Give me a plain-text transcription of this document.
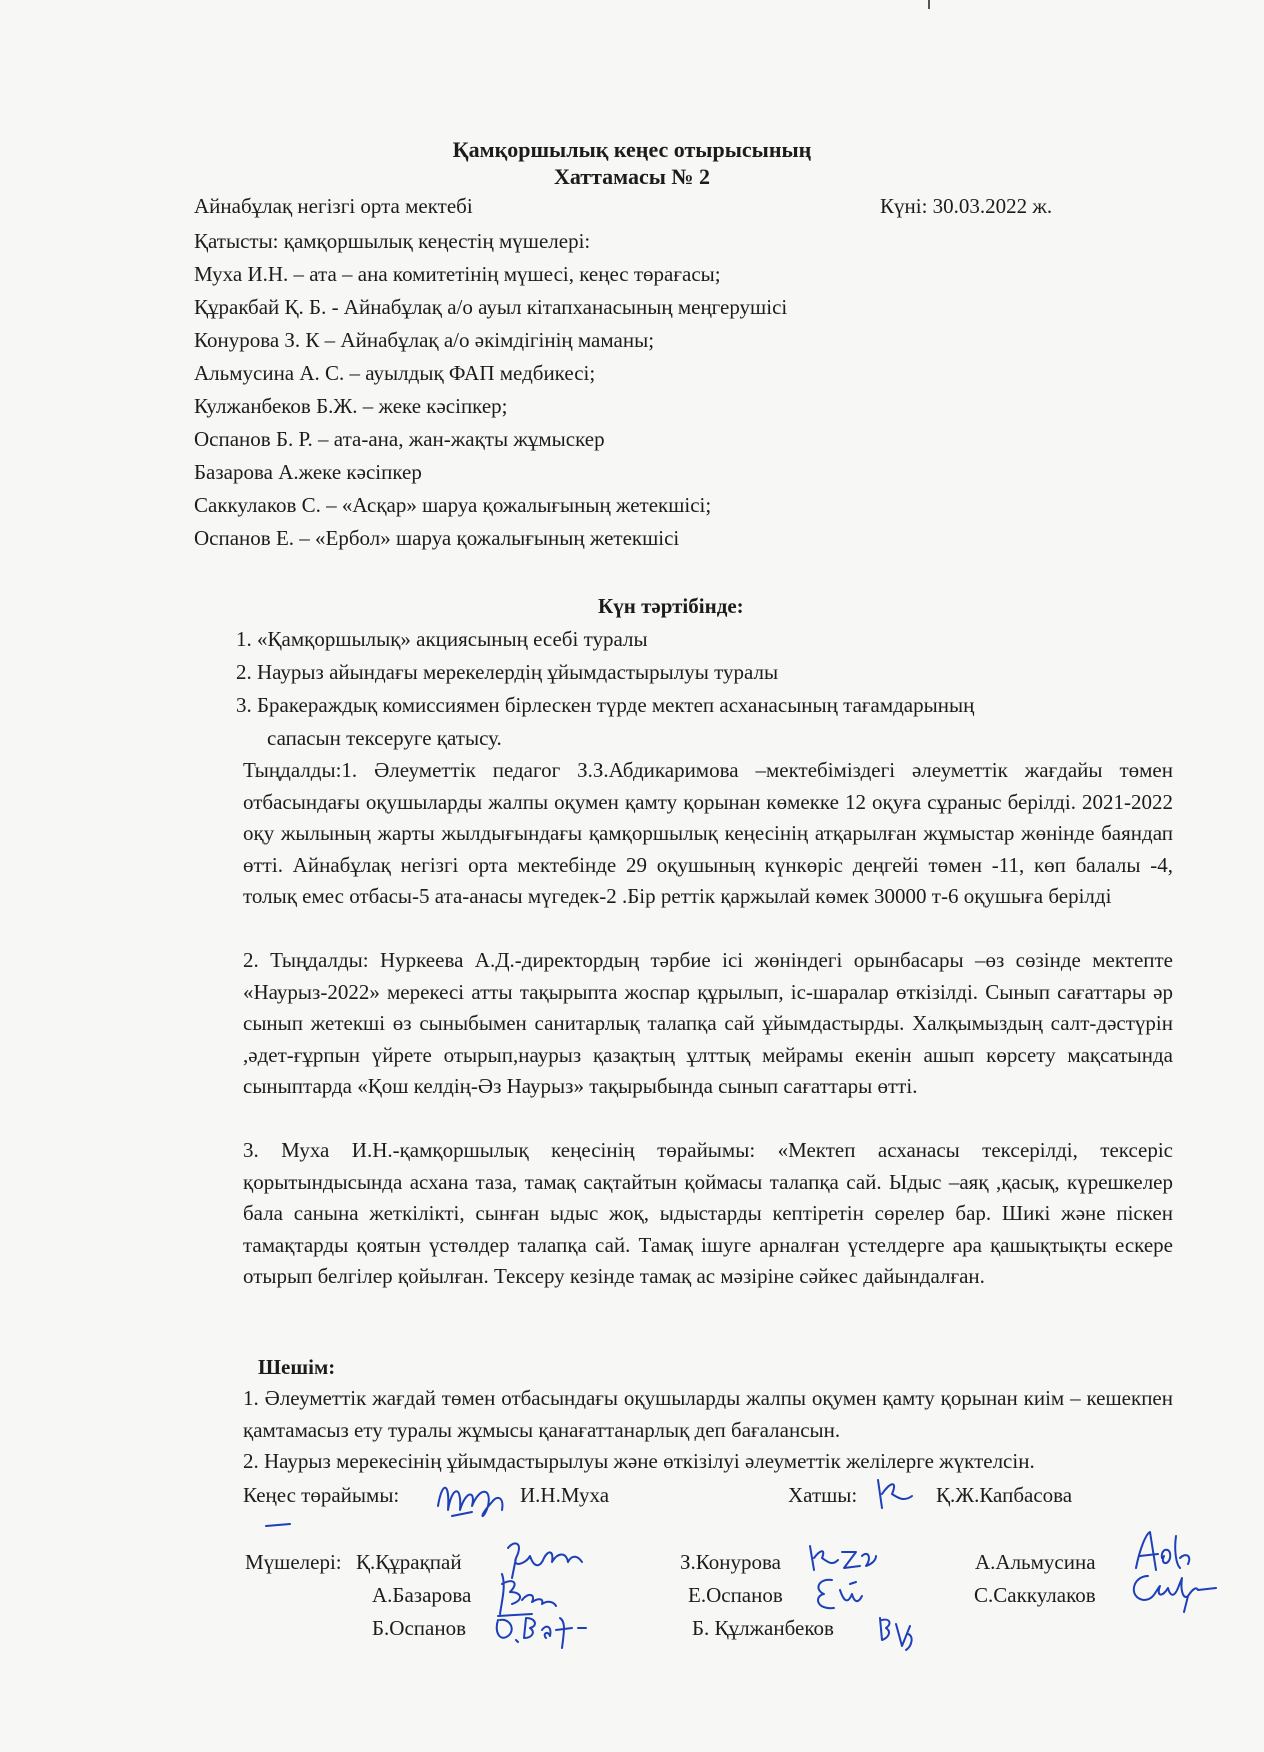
Қамқоршылық кеңес отырысының
Хаттамасы № 2
Айнабұлақ негізгі орта мектебі	Күні: 30.03.2022 ж.
Қатысты: қамқоршылық кеңестің мүшелері:
Муха И.Н. – ата – ана комитетінің мүшесі, кеңес төрағасы;
Құракбай Қ. Б. - Айнабұлақ а/о ауыл кітапханасының меңгерушісі
Конурова З. К – Айнабұлақ а/о әкімдігінің маманы;
Альмусина А. С. – ауылдық ФАП медбикесі;
Кулжанбеков Б.Ж. – жеке кәсіпкер;
Оспанов Б. Р. – ата-ана, жан-жақты жұмыскер
Базарова А.жеке кәсіпкер
Саккулаков С. – «Асқар» шаруа қожалығының жетекшісі;
Оспанов Е. – «Ербол» шаруа қожалығының жетекшісі
Күн тәртібінде:
1. «Қамқоршылық» акциясының есебі туралы
2. Наурыз айындағы мерекелердің ұйымдастырылуы туралы
3. Бракераждық комиссиямен бірлескен түрде мектеп асханасының тағамдарының
сапасын тексеруге қатысу.
Тыңдалды:1. Әлеуметтік педагог З.З.Абдикаримова –мектебіміздегі әлеуметтік жағдайы төмен отбасындағы оқушыларды жалпы оқумен қамту қорынан көмекке 12 оқуға сұраныс берілді. 2021-2022 оқу жылының жарты жылдығындағы қамқоршылық кеңесінің атқарылған жұмыстар жөнінде баяндап өтті. Айнабұлақ негізгі орта мектебінде 29 оқушының күнкөріс деңгейі төмен -11, көп балалы -4, толық емес отбасы-5 ата-анасы мүгедек-2 .Бір реттік қаржылай көмек 30000 т-6 оқушыға берілді
2. Тыңдалды: Нуркеева А.Д.-директордың тәрбие ісі жөніндегі орынбасары –өз сөзінде мектепте «Наурыз-2022» мерекесі атты тақырыпта жоспар құрылып, іс-шаралар өткізілді. Сынып сағаттары әр сынып жетекші өз сыныбымен санитарлық талапқа сай ұйымдастырды. Халқымыздың салт-дәстүрін ,әдет-ғұрпын үйрете отырып,наурыз қазақтың ұлттық мейрамы екенін ашып көрсету мақсатында сыныптарда «Қош келдің-Әз Наурыз» тақырыбында сынып сағаттары өтті.
3. Муха И.Н.-қамқоршылық кеңесінің төрайымы: «Мектеп асханасы тексерілді, тексеріс қорытындысында асхана таза, тамақ сақтайтын қоймасы талапқа сай. Ыдыс –аяқ ,қасық, күрешкелер бала санына жеткілікті, сынған ыдыс жоқ, ыдыстарды кептіретін сөрелер бар. Шикі және піскен тамақтарды қоятын үстөлдер талапқа сай. Тамақ ішуге арналған үстелдерге ара қашықтықты ескере отырып белгілер қойылған. Тексеру кезінде тамақ ас мәзіріне сәйкес дайындалған.
Шешім:
1. Әлеуметтік жағдай төмен отбасындағы оқушыларды жалпы оқумен қамту қорынан киім – кешекпен қамтамасыз ету туралы жұмысы қанағаттанарлық деп бағалансын.
2. Наурыз мерекесінің ұйымдастырылуы және өткізілуі әлеуметтік желілерге жүктелсін.
Кеңес төрайымы:	И.Н.Муха	Хатшы:	Қ.Ж.Капбасова
Мүшелері: Қ.Құрақпай	З.Конурова	А.Альмусина
А.Базарова	Е.Оспанов	С.Саккулаков
Б.Оспанов	Б. Құлжанбеков
